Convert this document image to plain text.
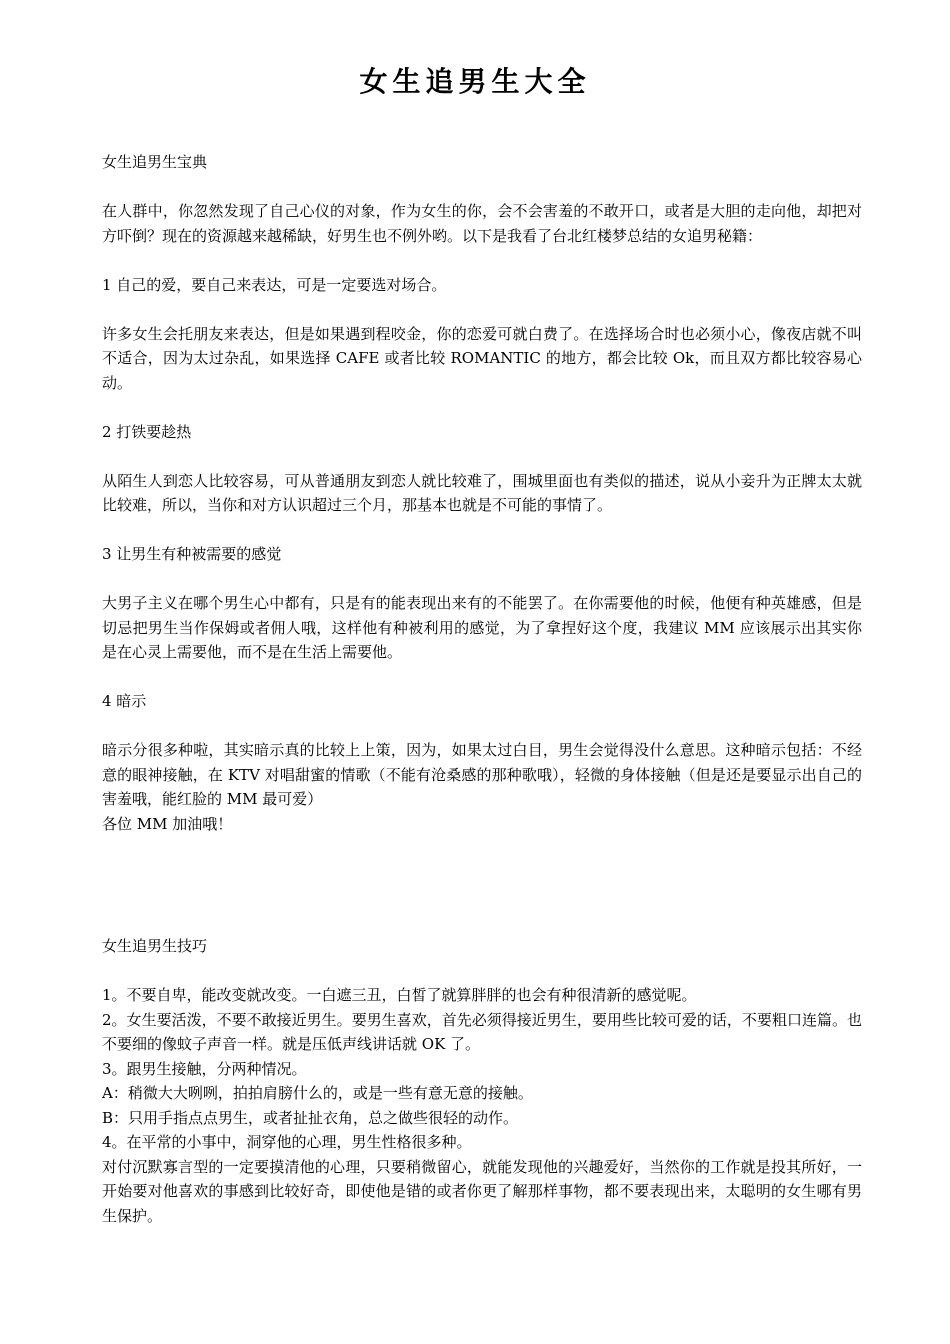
女生追男生大全

女生追男生宝典

在人群中，你忽然发现了自己心仪的对象，作为女生的你，会不会害羞的不敢开口，或者是大胆的走向他，却把对方吓倒？现在的资源越来越稀缺，好男生也不例外哟。以下是我看了台北红楼梦总结的女追男秘籍：

1 自己的爱，要自己来表达，可是一定要选对场合。

许多女生会托朋友来表达，但是如果遇到程咬金，你的恋爱可就白费了。在选择场合时也必须小心，像夜店就不叫不适合，因为太过杂乱，如果选择 CAFE 或者比较 ROMANTIC 的地方，都会比较 Ok，而且双方都比较容易心动。

2 打铁要趁热

从陌生人到恋人比较容易，可从普通朋友到恋人就比较难了，围城里面也有类似的描述，说从小妾升为正牌太太就比较难，所以，当你和对方认识超过三个月，那基本也就是不可能的事情了。

3 让男生有种被需要的感觉

大男子主义在哪个男生心中都有，只是有的能表现出来有的不能罢了。在你需要他的时候，他便有种英雄感，但是切忌把男生当作保姆或者佣人哦，这样他有种被利用的感觉，为了拿捏好这个度，我建议 MM 应该展示出其实你是在心灵上需要他，而不是在生活上需要他。

4 暗示

暗示分很多种啦，其实暗示真的比较上上策，因为，如果太过白目，男生会觉得没什么意思。这种暗示包括：不经意的眼神接触，在 KTV 对唱甜蜜的情歌（不能有沧桑感的那种歌哦），轻微的身体接触（但是还是要显示出自己的害羞哦，能红脸的 MM 最可爱）

各位 MM 加油哦！

女生追男生技巧

1。不要自卑，能改变就改变。一白遮三丑，白皙了就算胖胖的也会有种很清新的感觉呢。

2。女生要活泼，不要不敢接近男生。要男生喜欢，首先必须得接近男生，要用些比较可爱的话，不要粗口连篇。也不要细的像蚊子声音一样。就是压低声线讲话就 OK 了。

3。跟男生接触，分两种情况。

A：稍微大大咧咧，拍拍肩膀什么的，或是一些有意无意的接触。

B：只用手指点点男生，或者扯扯衣角，总之做些很轻的动作。

4。在平常的小事中，洞穿他的心理，男生性格很多种。

对付沉默寡言型的一定要摸清他的心理，只要稍微留心，就能发现他的兴趣爱好，当然你的工作就是投其所好，一开始要对他喜欢的事感到比较好奇，即使他是错的或者你更了解那样事物，都不要表现出来，太聪明的女生哪有男生保护。
